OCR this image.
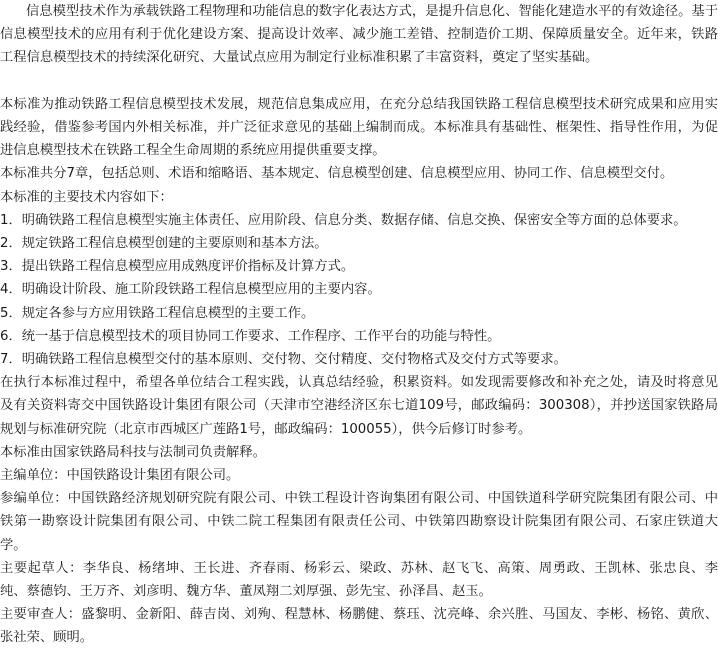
信息模型技术作为承载铁路工程物理和功能信息的数字化表达方式，是提升信息化、智能化建造水平的有效途径。基于信息模型技术的应用有利于优化建设方案、提高设计效率、减少施工差错、控制造价工期、保障质量安全。近年来，铁路工程信息模型技术的持续深化研究、大量试点应用为制定行业标准积累了丰富资料，奠定了坚实基础。

本标准为推动铁路工程信息模型技术发展，规范信息集成应用，在充分总结我国铁路工程信息模型技术研究成果和应用实践经验，借鉴参考国内外相关标准，并广泛征求意见的基础上编制而成。本标准具有基础性、框架性、指导性作用，为促进信息模型技术在铁路工程全生命周期的系统应用提供重要支撑。

本标准共分7章，包括总则、术语和缩略语、基本规定、信息模型创建、信息模型应用、协同工作、信息模型交付。

本标准的主要技术内容如下：

1．明确铁路工程信息模型实施主体责任、应用阶段、信息分类、数据存储、信息交换、保密安全等方面的总体要求。

2．规定铁路工程信息模型创建的主要原则和基本方法。

3．提出铁路工程信息模型应用成熟度评价指标及计算方式。

4．明确设计阶段、施工阶段铁路工程信息模型应用的主要内容。

5．规定各参与方应用铁路工程信息模型的主要工作。

6．统一基于信息模型技术的项目协同工作要求、工作程序、工作平台的功能与特性。

7．明确铁路工程信息模型交付的基本原则、交付物、交付精度、交付物格式及交付方式等要求。

在执行本标准过程中，希望各单位结合工程实践，认真总结经验，积累资料。如发现需要修改和补充之处，请及时将意见及有关资料寄交中国铁路设计集团有限公司（天津市空港经济区东七道109号，邮政编码：300308），并抄送国家铁路局规划与标准研究院（北京市西城区广莲路1号，邮政编码：100055），供今后修订时参考。

本标准由国家铁路局科技与法制司负责解释。

主编单位：中国铁路设计集团有限公司。

参编单位：中国铁路经济规划研究院有限公司、中铁工程设计咨询集团有限公司、中国铁道科学研究院集团有限公司、中铁第一勘察设计院集团有限公司、中铁二院工程集团有限责任公司、中铁第四勘察设计院集团有限公司、石家庄铁道大学。

主要起草人：李华良、杨绪坤、王长进、齐春雨、杨彩云、梁政、苏林、赵飞飞、高策、周勇政、王凯林、张忠良、李纯、蔡德钧、王万齐、刘彦明、魏方华、董凤翔二刘厚强、彭先宝、孙泽昌、赵玉。

主要审查人：盛黎明、金新阳、薛吉岗、刘殉、程慧林、杨鹏健、蔡珏、沈亮峰、余兴胜、马国友、李彬、杨铭、黄欣、张社荣、顾明。
